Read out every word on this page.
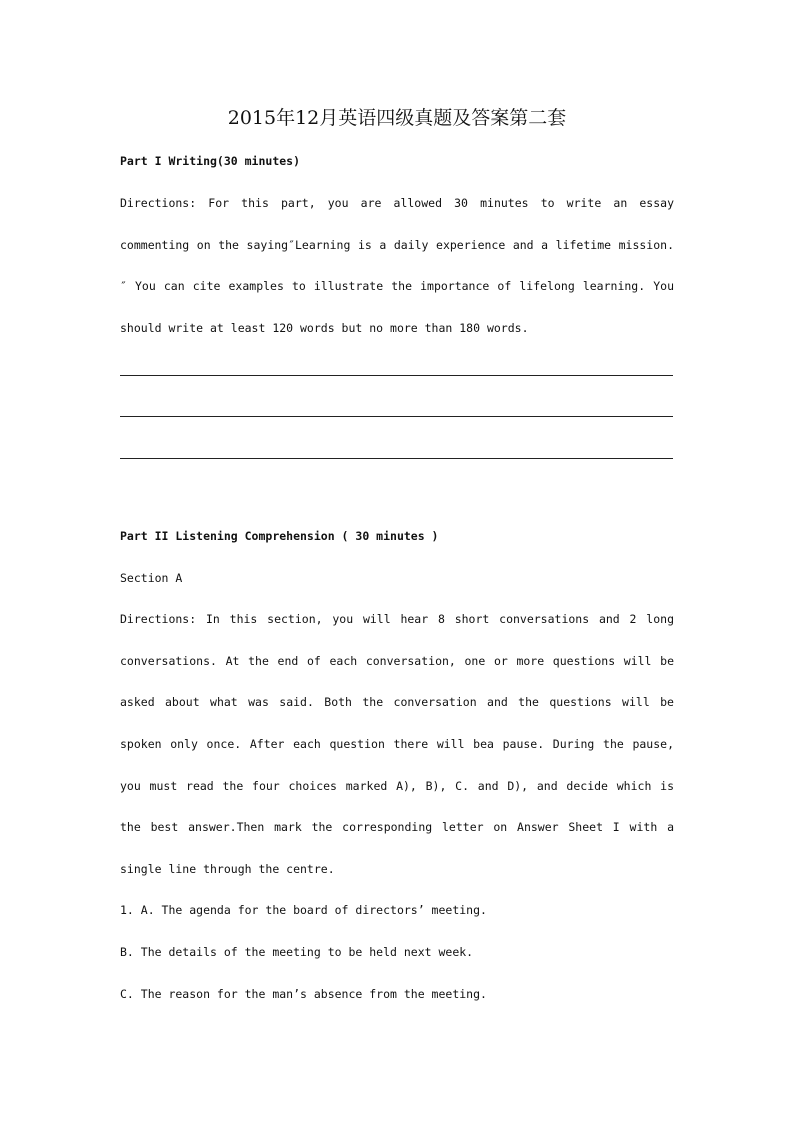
2015年12月英语四级真题及答案第二套
Part I Writing(30 minutes)
Directions: For this part, you are allowed 30 minutes to write an essay
commenting on the saying″Learning is a daily experience and a lifetime mission.
″ You can cite examples to illustrate the importance of lifelong learning. You
should write at least 120 words but no more than 180 words.
Part II Listening Comprehension ( 30 minutes )
Section A
Directions: In this section, you will hear 8 short conversations and 2 long
conversations. At the end of each conversation, one or more questions will be
asked about what was said. Both the conversation and the questions will be
spoken only once. After each question there will bea pause. During the pause,
you must read the four choices marked A), B), C. and D), and decide which is
the best answer.Then mark the corresponding letter on Answer Sheet I with a
single line through the centre.
1. A. The agenda for the board of directors’ meeting.
B. The details of the meeting to be held next week.
C. The reason for the man’s absence from the meeting.
